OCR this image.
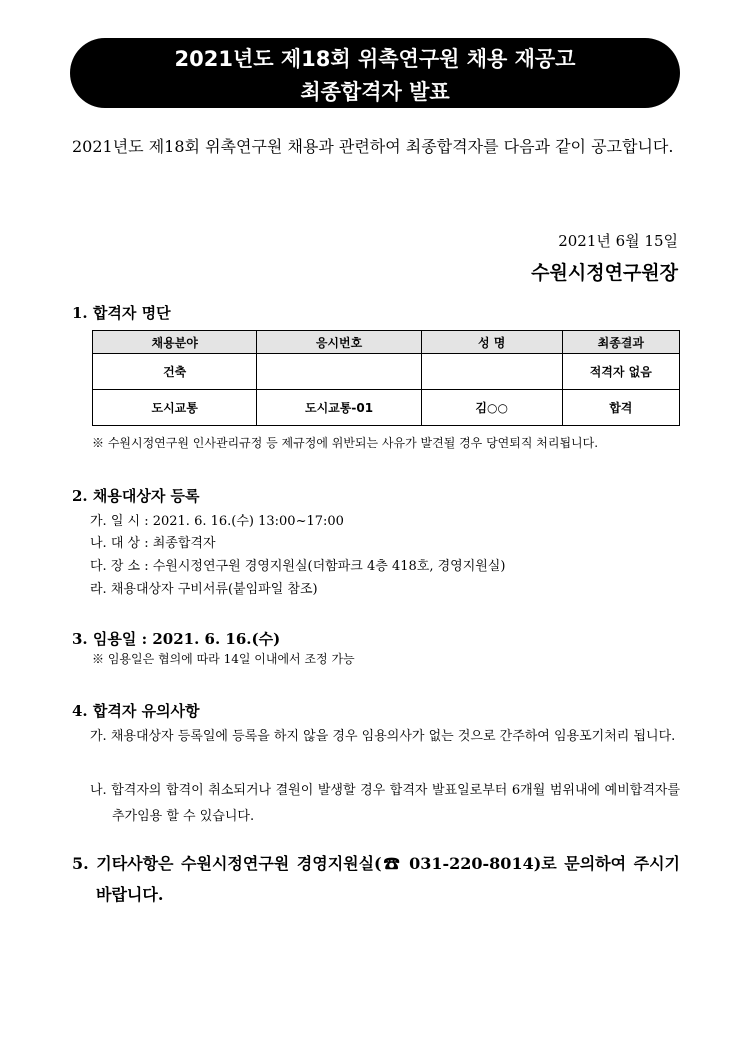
2021년도 제18회 위촉연구원 채용 재공고
최종합격자 발표
2021년도 제18회 위촉연구원 채용과 관련하여 최종합격자를 다음과 같이 공고합니다.
2021년 6월 15일
수원시정연구원장
1. 합격자 명단
채용분야	응시번호	성 명	최종결과
건축			적격자 없음
도시교통	도시교통-01	김○○	합격
※ 수원시정연구원 인사관리규정 등 제규정에 위반되는 사유가 발견될 경우 당연퇴직 처리됩니다.
2. 채용대상자 등록
가. 일 시 : 2021. 6. 16.(수) 13:00~17:00
나. 대 상 : 최종합격자
다. 장 소 : 수원시정연구원 경영지원실(더함파크 4층 418호, 경영지원실)
라. 채용대상자 구비서류(붙임파일 참조)
3. 임용일 : 2021. 6. 16.(수)
※ 임용일은 협의에 따라 14일 이내에서 조정 가능
4. 합격자 유의사항
가. 채용대상자 등록일에 등록을 하지 않을 경우 임용의사가 없는 것으로 간주하여 임용포기처리 됩니다.
나. 합격자의 합격이 취소되거나 결원이 발생할 경우 합격자 발표일로부터 6개월 범위내에 예비합격자를 추가임용 할 수 있습니다.
5. 기타사항은 수원시정연구원 경영지원실(☎ 031-220-8014)로 문의하여 주시기 바랍니다.
